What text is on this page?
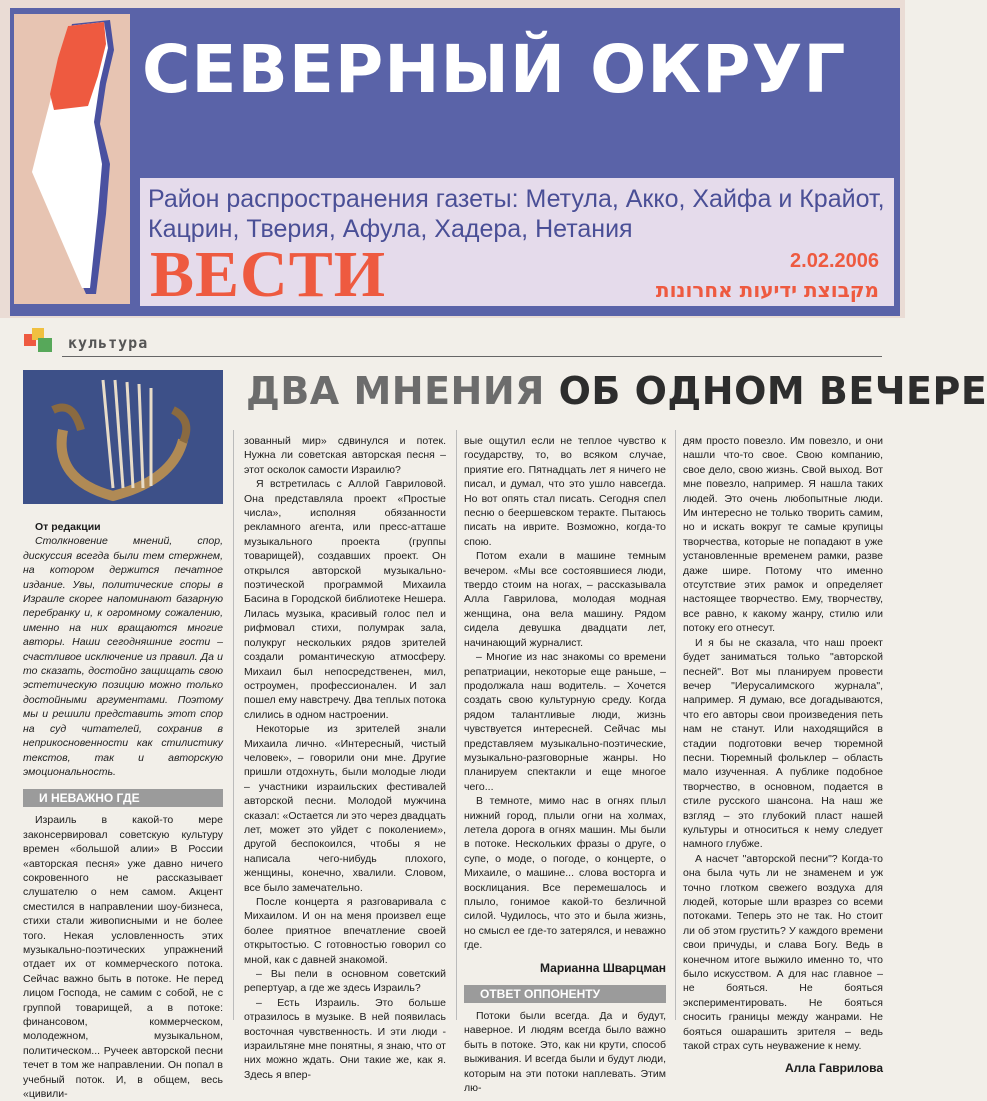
СЕВЕРНЫЙ ОКРУГ
Район распространения газеты: Метула, Акко, Хайфа и Крайот, Кацрин, Тверия, Афула, Хадера, Нетания
ВЕСТИ	2.02.2006
מקבוצת ידיעות אחרונות
культура
ДВА МНЕНИЯ ОБ ОДНОМ ВЕЧЕРЕ

От редакции

Столкновение мнений, спор, дискуссия всегда были тем стержнем, на котором держится печатное издание. Увы, политические споры в Израиле скорее напоминают базарную перебранку и, к огромному сожалению, именно на них вращаются многие авторы. Наши сегодняшние гости – счастливое исключение из правил. Да и то сказать, достойно защищать свою эстетическую позицию можно только достойными аргументами. Поэтому мы и решили представить этот спор на суд читателей, сохранив в неприкосновенности как стилистику текстов, так и авторскую эмоциональность.

И НЕВАЖНО ГДЕ

Израиль в какой-то мере законсервировал советскую культуру времен «большой алии» В России «авторская песня» уже давно ничего сокровенного не рассказывает слушателю о нем самом. Акцент сместился в направлении шоу-бизнеса, стихи стали живописными и не более того. Некая условленность этих музыкально-поэтических упражнений отдает их от коммерческого потока. Сейчас важно быть в потоке. Не перед лицом Господа, не самим с собой, не с группой товарищей, а в потоке: финансовом, коммерческом, молодежном, музыкальном, политическом... Ручеек авторской песни течет в том же направлении. Он попал в учебный поток. И, в общем, весь «цивили-

зованный мир» сдвинулся и потек. Нужна ли советская авторская песня – этот осколок самости Израилю?

Я встретилась с Аллой Гавриловой. Она представляла проект «Простые числа», исполняя обязанности рекламного агента, или пресс-атташе музыкального проекта (группы товарищей), создавших проект. Он открылся авторской музыкально-поэтической программой Михаила Басина в Городской библиотеке Нешера. Лилась музыка, красивый голос пел и рифмовал стихи, полумрак зала, полукруг нескольких рядов зрителей создали романтическую атмосферу. Михаил был непосредственен, мил, остроумен, профессионален. И зал пошел ему навстречу. Два теплых потока слились в одном настроении.

Некоторые из зрителей знали Михаила лично. «Интересный, чистый человек», – говорили они мне. Другие пришли отдохнуть, были молодые люди – участники израильских фестивалей авторской песни. Молодой мужчина сказал: «Остается ли это через двадцать лет, может это уйдет с поколением», другой беспокоился, чтобы я не написала чего-нибудь плохого, женщины, конечно, хвалили. Словом, все было замечательно.

После концерта я разговаривала с Михаилом. И он на меня произвел еще более приятное впечатление своей открытостью. С готовностью говорил со мной, как с давней знакомой.

– Вы пели в основном советский репертуар, а где же здесь Израиль?

– Есть Израиль. Это больше отразилось в музыке. В ней появилась восточная чувственность. И эти люди - израильтяне мне понятны, я знаю, что от них можно ждать. Они такие же, как я. Здесь я впер-

вые ощутил если не теплое чувство к государству, то, во всяком случае, приятие его. Пятнадцать лет я ничего не писал, и думал, что это ушло навсегда. Но вот опять стал писать. Сегодня спел песню о беершевском теракте. Пытаюсь писать на иврите. Возможно, когда-то спою.

Потом ехали в машине темным вечером. «Мы все состоявшиеся люди, твердо стоим на ногах, – рассказывала Алла Гаврилова, молодая модная женщина, она вела машину. Рядом сидела девушка двадцати лет, начинающий журналист.

– Многие из нас знакомы со времени репатриации, некоторые еще раньше, – продолжала наш водитель. – Хочется создать свою культурную среду. Когда рядом талантливые люди, жизнь чувствуется интересней. Сейчас мы представляем музыкально-поэтические, музыкально-разговорные жанры. Но планируем спектакли и еще многое чего...

В темноте, мимо нас в огнях плыл нижний город, плыли огни на холмах, летела дорога в огнях машин. Мы были в потоке. Нескольких фразы о друге, о супе, о моде, о погоде, о концерте, о Михаиле, о машине... слова восторга и восклицания. Все перемешалось и плыло, гонимое какой-то безличной силой. Чудилось, что это и была жизнь, но смысл ее где-то затерялся, и неважно где.

Марианна Шварцман
ОТВЕТ ОППОНЕНТУ

Потоки были всегда. Да и будут, наверное. И людям всегда было важно быть в потоке. Это, как ни крути, способ выживания. И всегда были и будут люди, которым на эти потоки наплевать. Этим лю-

дям просто повезло. Им повезло, и они нашли что-то свое. Свою компанию, свое дело, свою жизнь. Свой выход. Вот мне повезло, например. Я нашла таких людей. Это очень любопытные люди. Им интересно не только творить самим, но и искать вокруг те самые крупицы творчества, которые не попадают в уже установленные временем рамки, разве даже шире. Потому что именно отсутствие этих рамок и определяет настоящее творчество. Ему, творчеству, все равно, к какому жанру, стилю или потоку его отнесут.

И я бы не сказала, что наш проект будет заниматься только "авторской песней". Вот мы планируем провести вечер "Иерусалимского журнала", например. Я думаю, все догадываются, что его авторы свои произведения петь нам не станут. Или находящийся в стадии подготовки вечер тюремной песни. Тюремный фольклер – область мало изученная. А публике подобное творчество, в основном, подается в стиле русского шансона. На наш же взгляд – это глубокий пласт нашей культуры и относиться к нему следует намного глубже.

А насчет "авторской песни"? Когда-то она была чуть ли не знаменем и уж точно глотком свежего воздуха для людей, которые шли вразрез со всеми потоками. Теперь это не так. Но стоит ли об этом грустить? У каждого времени свои причуды, и слава Богу. Ведь в конечном итоге выжило именно то, что было искусством. А для нас главное – не бояться. Не бояться экспериментировать. Не бояться сносить границы между жанрами. Не бояться ошарашить зрителя – ведь такой страх суть неуважение к нему.

Алла Гаврилова
